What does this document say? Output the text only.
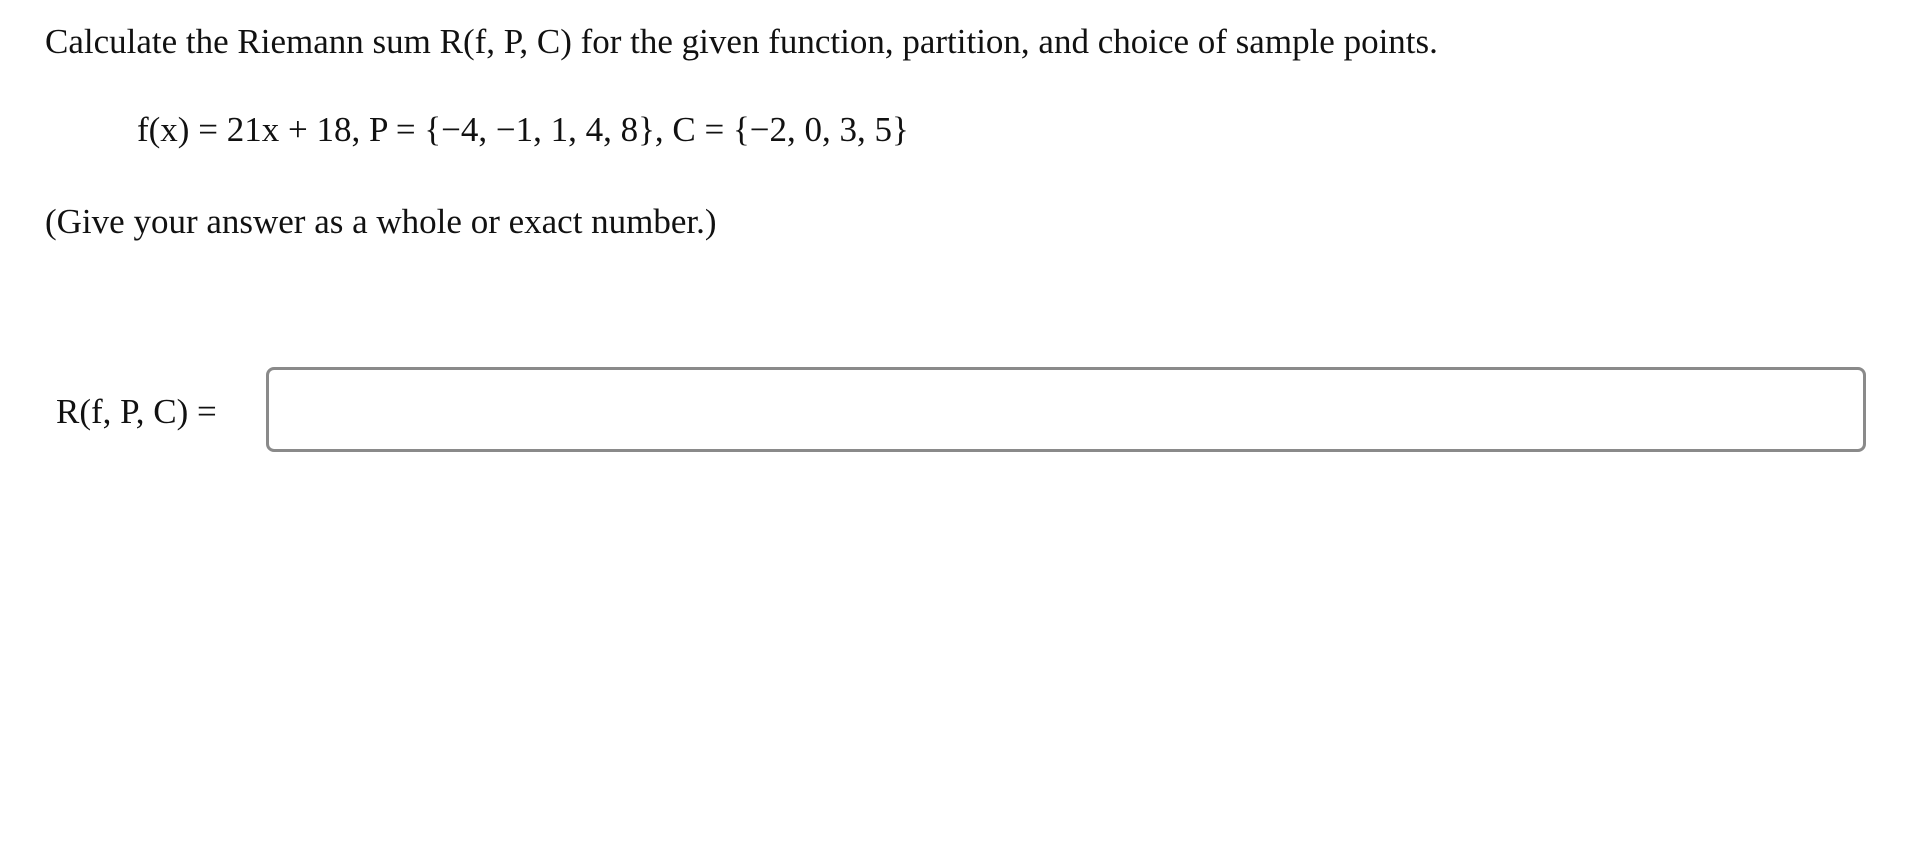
Calculate the Riemann sum R(f, P, C) for the given function, partition, and choice of sample points.
f(x) = 21x + 18, P = {−4, −1, 1, 4, 8}, C = {−2, 0, 3, 5}
(Give your answer as a whole or exact number.)
R(f, P, C) =
